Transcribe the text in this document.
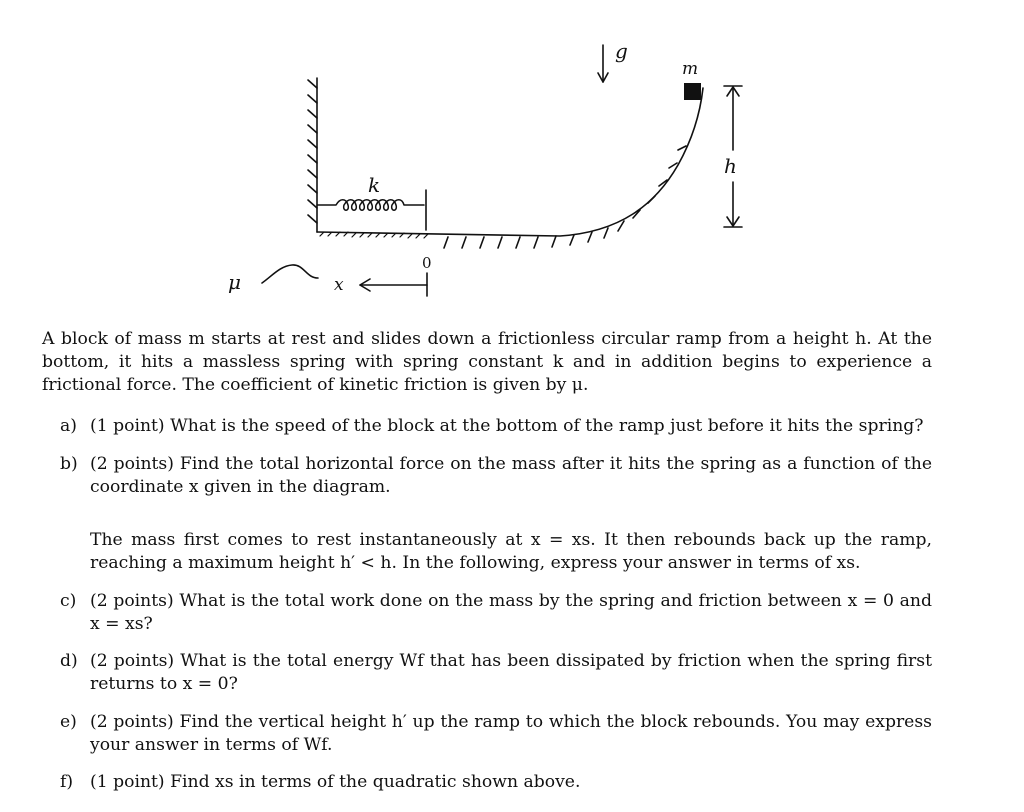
g
m
h
k
0
x
μ

A block of mass m starts at rest and slides down a frictionless circular ramp from a height h. At the bottom, it hits a massless spring with spring constant k and in addition begins to experience a frictional force. The coefficient of kinetic friction is given by μ.

a) (1 point) What is the speed of the block at the bottom of the ramp just before it hits the spring?
b) (2 points) Find the total horizontal force on the mass after it hits the spring as a function of the coordinate x given in the diagram.

The mass first comes to rest instantaneously at x = xs. It then rebounds back up the ramp, reaching a maximum height h′ < h. In the following, express your answer in terms of xs.

c) (2 points) What is the total work done on the mass by the spring and friction between x = 0 and x = xs?
d) (2 points) What is the total energy Wf that has been dissipated by friction when the spring first returns to x = 0?
e) (2 points) Find the vertical height h′ up the ramp to which the block rebounds. You may express your answer in terms of Wf.
f) (1 point) Find xs in terms of the quadratic shown above.
